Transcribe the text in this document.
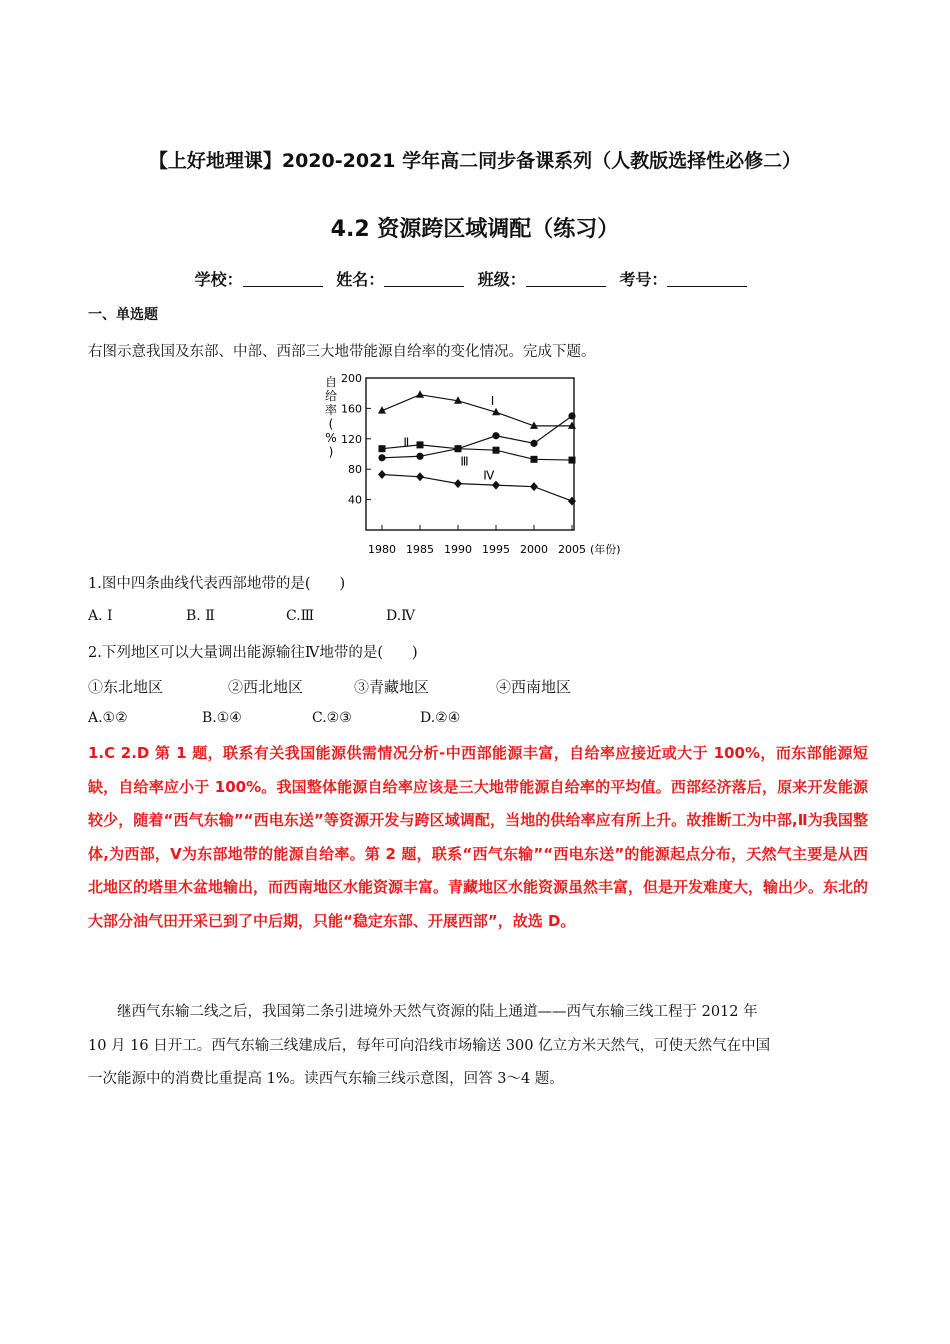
【上好地理课】2020-2021 学年高二同步备课系列（人教版选择性必修二）
4.2 资源跨区域调配（练习）
学校：	姓名：	班级：	考号：
一、单选题
右图示意我国及东部、中部、西部三大地带能源自给率的变化情况。完成下题。
自
给
率
(
%
)
40
80
120
160
200
1980 1985 1990 1995 2000 2005 (年份)
Ⅰ
Ⅱ
Ⅲ
Ⅳ
1.图中四条曲线代表西部地带的是(　　)
A. Ⅰ	B. Ⅱ	C.Ⅲ	D.Ⅳ
2.下列地区可以大量调出能源输往Ⅳ地带的是(　　)
①东北地区	②西北地区	③青藏地区	④西南地区
A.①②	B.①④	C.②③	D.②④
1.C 2.D 第 1 题，联系有关我国能源供需情况分析-中西部能源丰富，自给率应接近或大于 100%，而东部能源短缺，自给率应小于 100%。我国整体能源自给率应该是三大地带能源自给率的平均值。西部经济落后，原来开发能源较少，随着“西气东输”“西电东送”等资源开发与跨区域调配，当地的供给率应有所上升。故推断工为中部,Ⅱ为我国整体,为西部，Ⅴ为东部地带的能源自给率。第 2 题，联系“西气东输”“西电东送”的能源起点分布，天然气主要是从西北地区的塔里木盆地输出，而西南地区水能资源丰富。青藏地区水能资源虽然丰富，但是开发难度大，输出少。东北的大部分油气田开采已到了中后期，只能“稳定东部、开展西部”，故选 D。

　　继西气东输二线之后，我国第二条引进境外天然气资源的陆上通道——西气东输三线工程于 2012 年

10 月 16 日开工。西气东输三线建成后，每年可向沿线市场输送 300 亿立方米天然气，可使天然气在中国

一次能源中的消费比重提高 1%。读西气东输三线示意图，回答 3～4 题。
